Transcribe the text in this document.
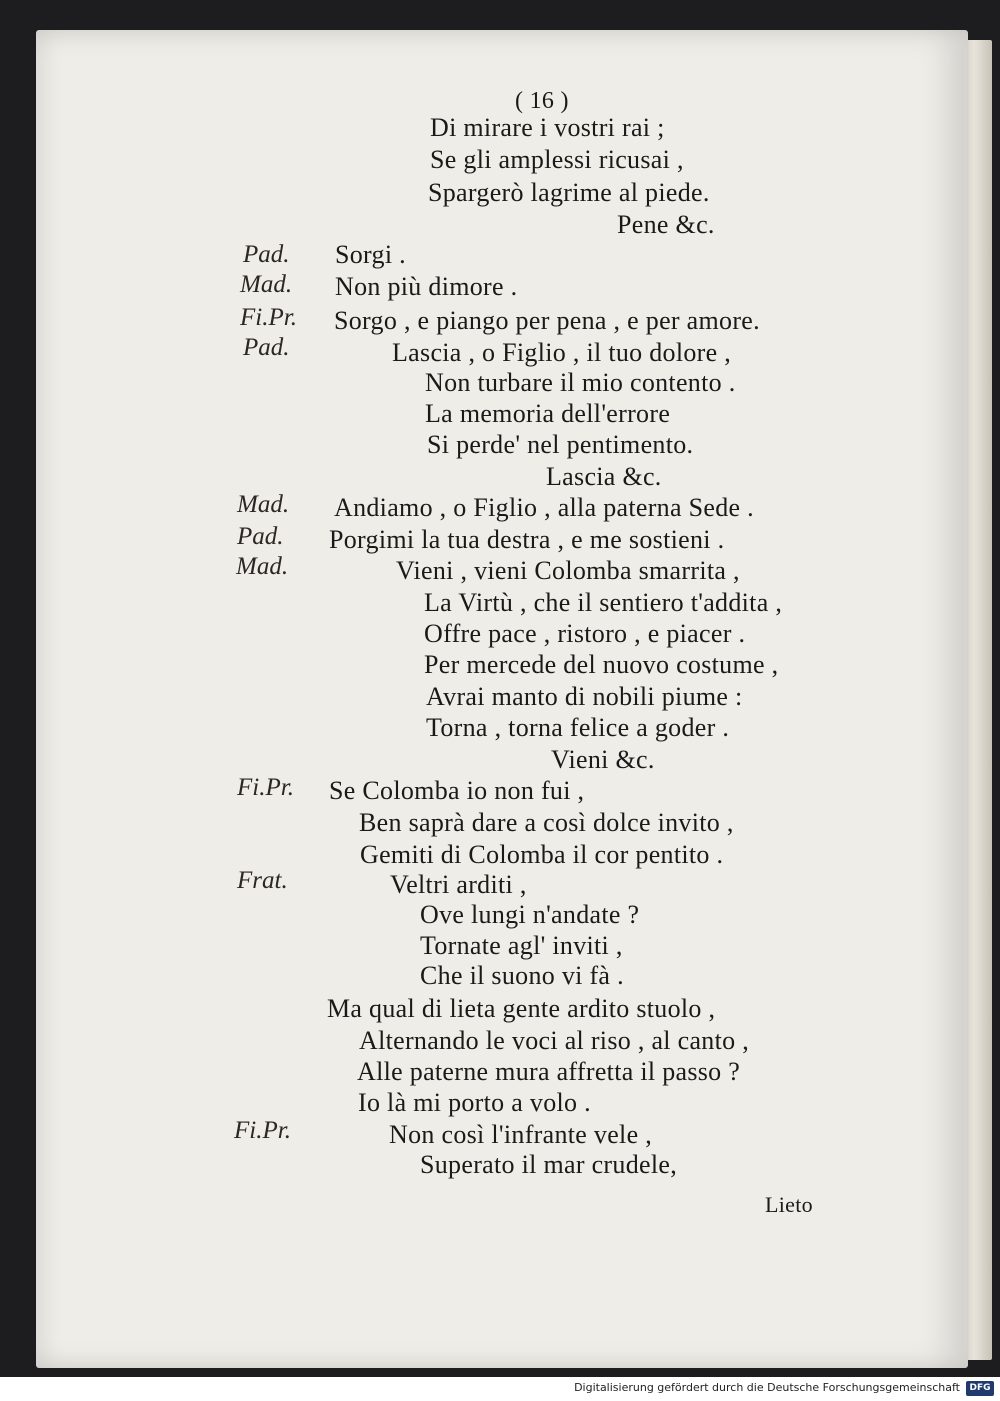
( 16 )
Di mirare i vostri rai ;
Se gli amplessi ricusai ,
Spargerò lagrime al piede.
Pene &c.
Pad. Sorgi .
Mad. Non più dimore .
Fi.Pr. Sorgo , e piango per pena , e per amore.
Pad.	Lascia , o Figlio , il tuo dolore ,
Non turbare il mio contento .
La memoria dell'errore
Si perde' nel pentimento.
Lascia &c.
Mad. Andiamo , o Figlio , alla paterna Sede .
Pad. Porgimi la tua destra , e me sostieni .
Mad.	Vieni , vieni Colomba smarrita ,
La Virtù , che il sentiero t'addita ,
Offre pace , ristoro , e piacer .
Per mercede del nuovo costume ,
Avrai manto di nobili piume :
Torna , torna felice a goder .
Vieni &c.
Fi.Pr. Se Colomba io non fui ,
Ben saprà dare a così dolce invito ,
Gemiti di Colomba il cor pentito .
Frat.	Veltri arditi ,
Ove lungi n'andate ?
Tornate agl' inviti ,
Che il suono vi fà .
Ma qual di lieta gente ardito stuolo ,
Alternando le voci al riso , al canto ,
Alle paterne mura affretta il passo ?
Io là mi porto a volo .
Fi.Pr.	Non così l'infrante vele ,
Superato il mar crudele,
Lieto
Digitalisierung gefördert durch die Deutsche Forschungsgemeinschaft	DFG
